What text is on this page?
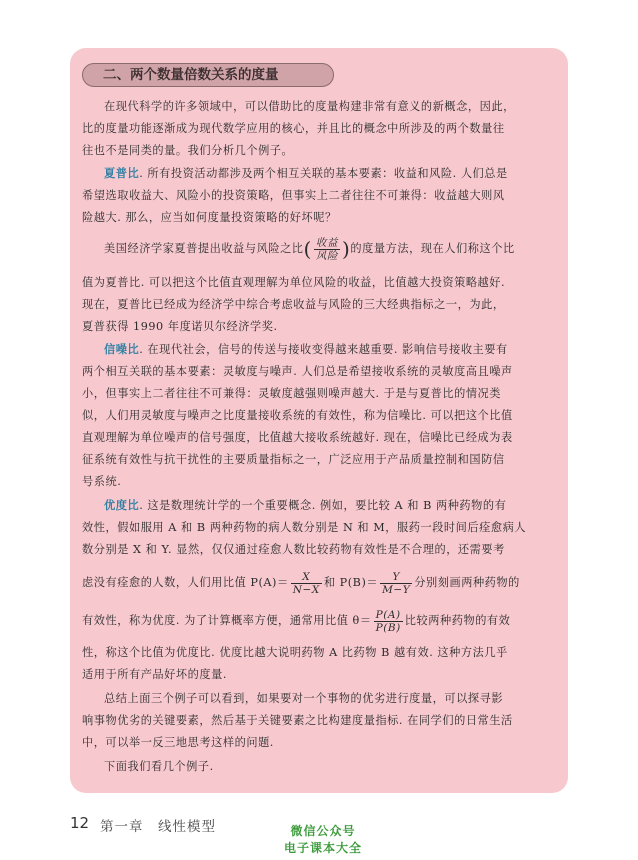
二、两个数量倍数关系的度量
在现代科学的许多领域中，可以借助比的度量构建非常有意义的新概念，因此，
比的度量功能逐渐成为现代数学应用的核心，并且比的概念中所涉及的两个数量往
往也不是同类的量。我们分析几个例子。
夏普比. 所有投资活动都涉及两个相互关联的基本要素：收益和风险. 人们总是
希望选取收益大、风险小的投资策略，但事实上二者往往不可兼得：收益越大则风
险越大. 那么，应当如何度量投资策略的好坏呢？
美国经济学家夏普提出收益与风险之比( $\frac{\text{收益}}{\text{风险}}$ )的度量方法，现在人们称这个比
值为夏普比. 可以把这个比值直观理解为单位风险的收益，比值越大投资策略越好.
现在，夏普比已经成为经济学中综合考虑收益与风险的三大经典指标之一，为此，
夏普获得 1990 年度诺贝尔经济学奖.
信噪比. 在现代社会，信号的传送与接收变得越来越重要. 影响信号接收主要有
两个相互关联的基本要素：灵敏度与噪声. 人们总是希望接收系统的灵敏度高且噪声
小，但事实上二者往往不可兼得：灵敏度越强则噪声越大. 于是与夏普比的情况类
似，人们用灵敏度与噪声之比度量接收系统的有效性，称为信噪比. 可以把这个比值
直观理解为单位噪声的信号强度，比值越大接收系统越好. 现在，信噪比已经成为表
征系统有效性与抗干扰性的主要质量指标之一，广泛应用于产品质量控制和国防信
号系统.
优度比. 这是数理统计学的一个重要概念. 例如，要比较 A 和 B 两种药物的有
效性，假如服用 A 和 B 两种药物的病人数分别是 N 和 M，服药一段时间后痊愈病人
数分别是 X 和 Y. 显然，仅仅通过痊愈人数比较药物有效性是不合理的，还需要考
虑没有痊愈的人数，人们用比值 $P(A)= \frac{X}{N-X}$ 和 $P(B)= \frac{Y}{M-Y}$ 分别刻画两种药物的
有效性，称为优度. 为了计算概率方便，通常用比值 $\theta= \frac{P(A)}{P(B)}$ 比较两种药物的有效
性，称这个比值为优度比. 优度比越大说明药物 A 比药物 B 越有效. 这种方法几乎
适用于所有产品好坏的度量.
总结上面三个例子可以看到，如果要对一个事物的优劣进行度量，可以探寻影
响事物优劣的关键要素，然后基于关键要素之比构建度量指标. 在同学们的日常生活
中，可以举一反三地思考这样的问题.
下面我们看几个例子.
12 第一章　线性模型	微信公众号
电子课本大全
